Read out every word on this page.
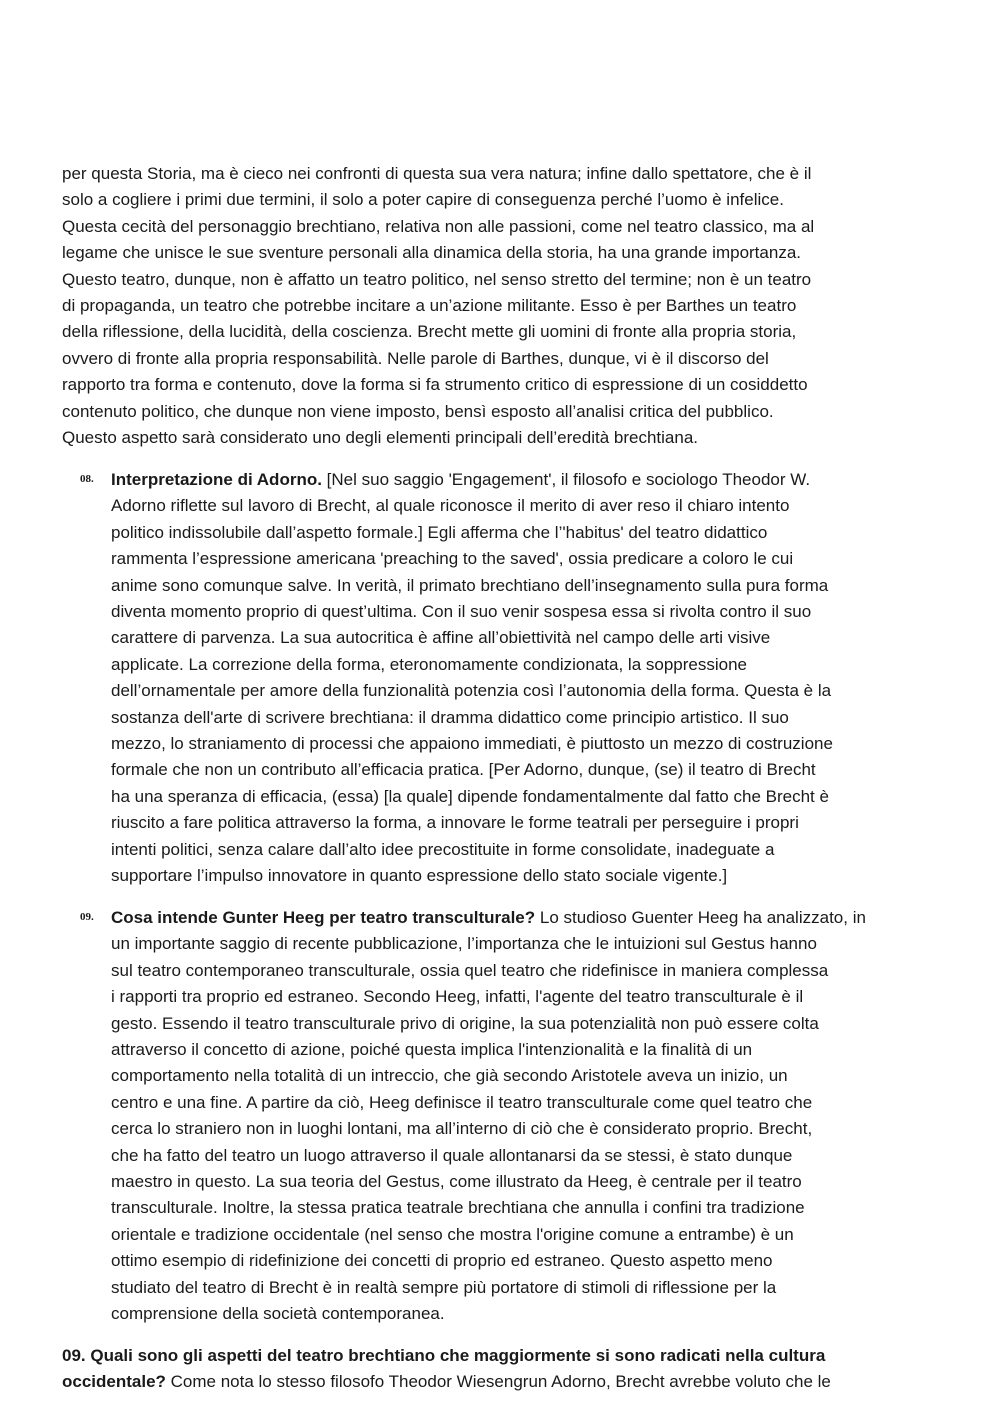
per questa Storia, ma è cieco nei confronti di questa sua vera natura; infine dallo spettatore, che è il
solo a cogliere i primi due termini, il solo a poter capire di conseguenza perché l’uomo è infelice.
Questa cecità del personaggio brechtiano, relativa non alle passioni, come nel teatro classico, ma al
legame che unisce le sue sventure personali alla dinamica della storia, ha una grande importanza.
Questo teatro, dunque, non è affatto un teatro politico, nel senso stretto del termine; non è un teatro
di propaganda, un teatro che potrebbe incitare a un’azione militante. Esso è per Barthes un teatro
della riflessione, della lucidità, della coscienza. Brecht mette gli uomini di fronte alla propria storia,
ovvero di fronte alla propria responsabilità. Nelle parole di Barthes, dunque, vi è il discorso del
rapporto tra forma e contenuto, dove la forma si fa strumento critico di espressione di un cosiddetto
contenuto politico, che dunque non viene imposto, bensì esposto all’analisi critica del pubblico.
Questo aspetto sarà considerato uno degli elementi principali dell’eredità brechtiana.
08. Interpretazione di Adorno. [Nel suo saggio 'Engagement', il filosofo e sociologo Theodor W.
Adorno riflette sul lavoro di Brecht, al quale riconosce il merito di aver reso il chiaro intento
politico indissolubile dall’aspetto formale.] Egli afferma che l’'habitus' del teatro didattico
rammenta l’espressione americana 'preaching to the saved', ossia predicare a coloro le cui
anime sono comunque salve. In verità, il primato brechtiano dell’insegnamento sulla pura forma
diventa momento proprio di quest’ultima. Con il suo venir sospesa essa si rivolta contro il suo
carattere di parvenza. La sua autocritica è affine all’obiettività nel campo delle arti visive
applicate. La correzione della forma, eteronomamente condizionata, la soppressione
dell’ornamentale per amore della funzionalità potenzia così l’autonomia della forma. Questa è la
sostanza dell'arte di scrivere brechtiana: il dramma didattico come principio artistico. Il suo
mezzo, lo straniamento di processi che appaiono immediati, è piuttosto un mezzo di costruzione
formale che non un contributo all’efficacia pratica. [Per Adorno, dunque, (se) il teatro di Brecht
ha una speranza di efficacia, (essa) [la quale] dipende fondamentalmente dal fatto che Brecht è
riuscito a fare politica attraverso la forma, a innovare le forme teatrali per perseguire i propri
intenti politici, senza calare dall’alto idee precostituite in forme consolidate, inadeguate a
supportare l’impulso innovatore in quanto espressione dello stato sociale vigente.]
09. Cosa intende Gunter Heeg per teatro transculturale? Lo studioso Guenter Heeg ha analizzato, in
un importante saggio di recente pubblicazione, l’importanza che le intuizioni sul Gestus hanno
sul teatro contemporaneo transculturale, ossia quel teatro che ridefinisce in maniera complessa
i rapporti tra proprio ed estraneo. Secondo Heeg, infatti, l'agente del teatro transculturale è il
gesto. Essendo il teatro transculturale privo di origine, la sua potenzialità non può essere colta
attraverso il concetto di azione, poiché questa implica l'intenzionalità e la finalità di un
comportamento nella totalità di un intreccio, che già secondo Aristotele aveva un inizio, un
centro e una fine. A partire da ciò, Heeg definisce il teatro transculturale come quel teatro che
cerca lo straniero non in luoghi lontani, ma all’interno di ciò che è considerato proprio. Brecht,
che ha fatto del teatro un luogo attraverso il quale allontanarsi da se stessi, è stato dunque
maestro in questo. La sua teoria del Gestus, come illustrato da Heeg, è centrale per il teatro
transculturale. Inoltre, la stessa pratica teatrale brechtiana che annulla i confini tra tradizione
orientale e tradizione occidentale (nel senso che mostra l'origine comune a entrambe) è un
ottimo esempio di ridefinizione dei concetti di proprio ed estraneo. Questo aspetto meno
studiato del teatro di Brecht è in realtà sempre più portatore di stimoli di riflessione per la
comprensione della società contemporanea.
09. Quali sono gli aspetti del teatro brechtiano che maggiormente si sono radicati nella cultura
occidentale? Come nota lo stesso filosofo Theodor Wiesengrun Adorno, Brecht avrebbe voluto che le
